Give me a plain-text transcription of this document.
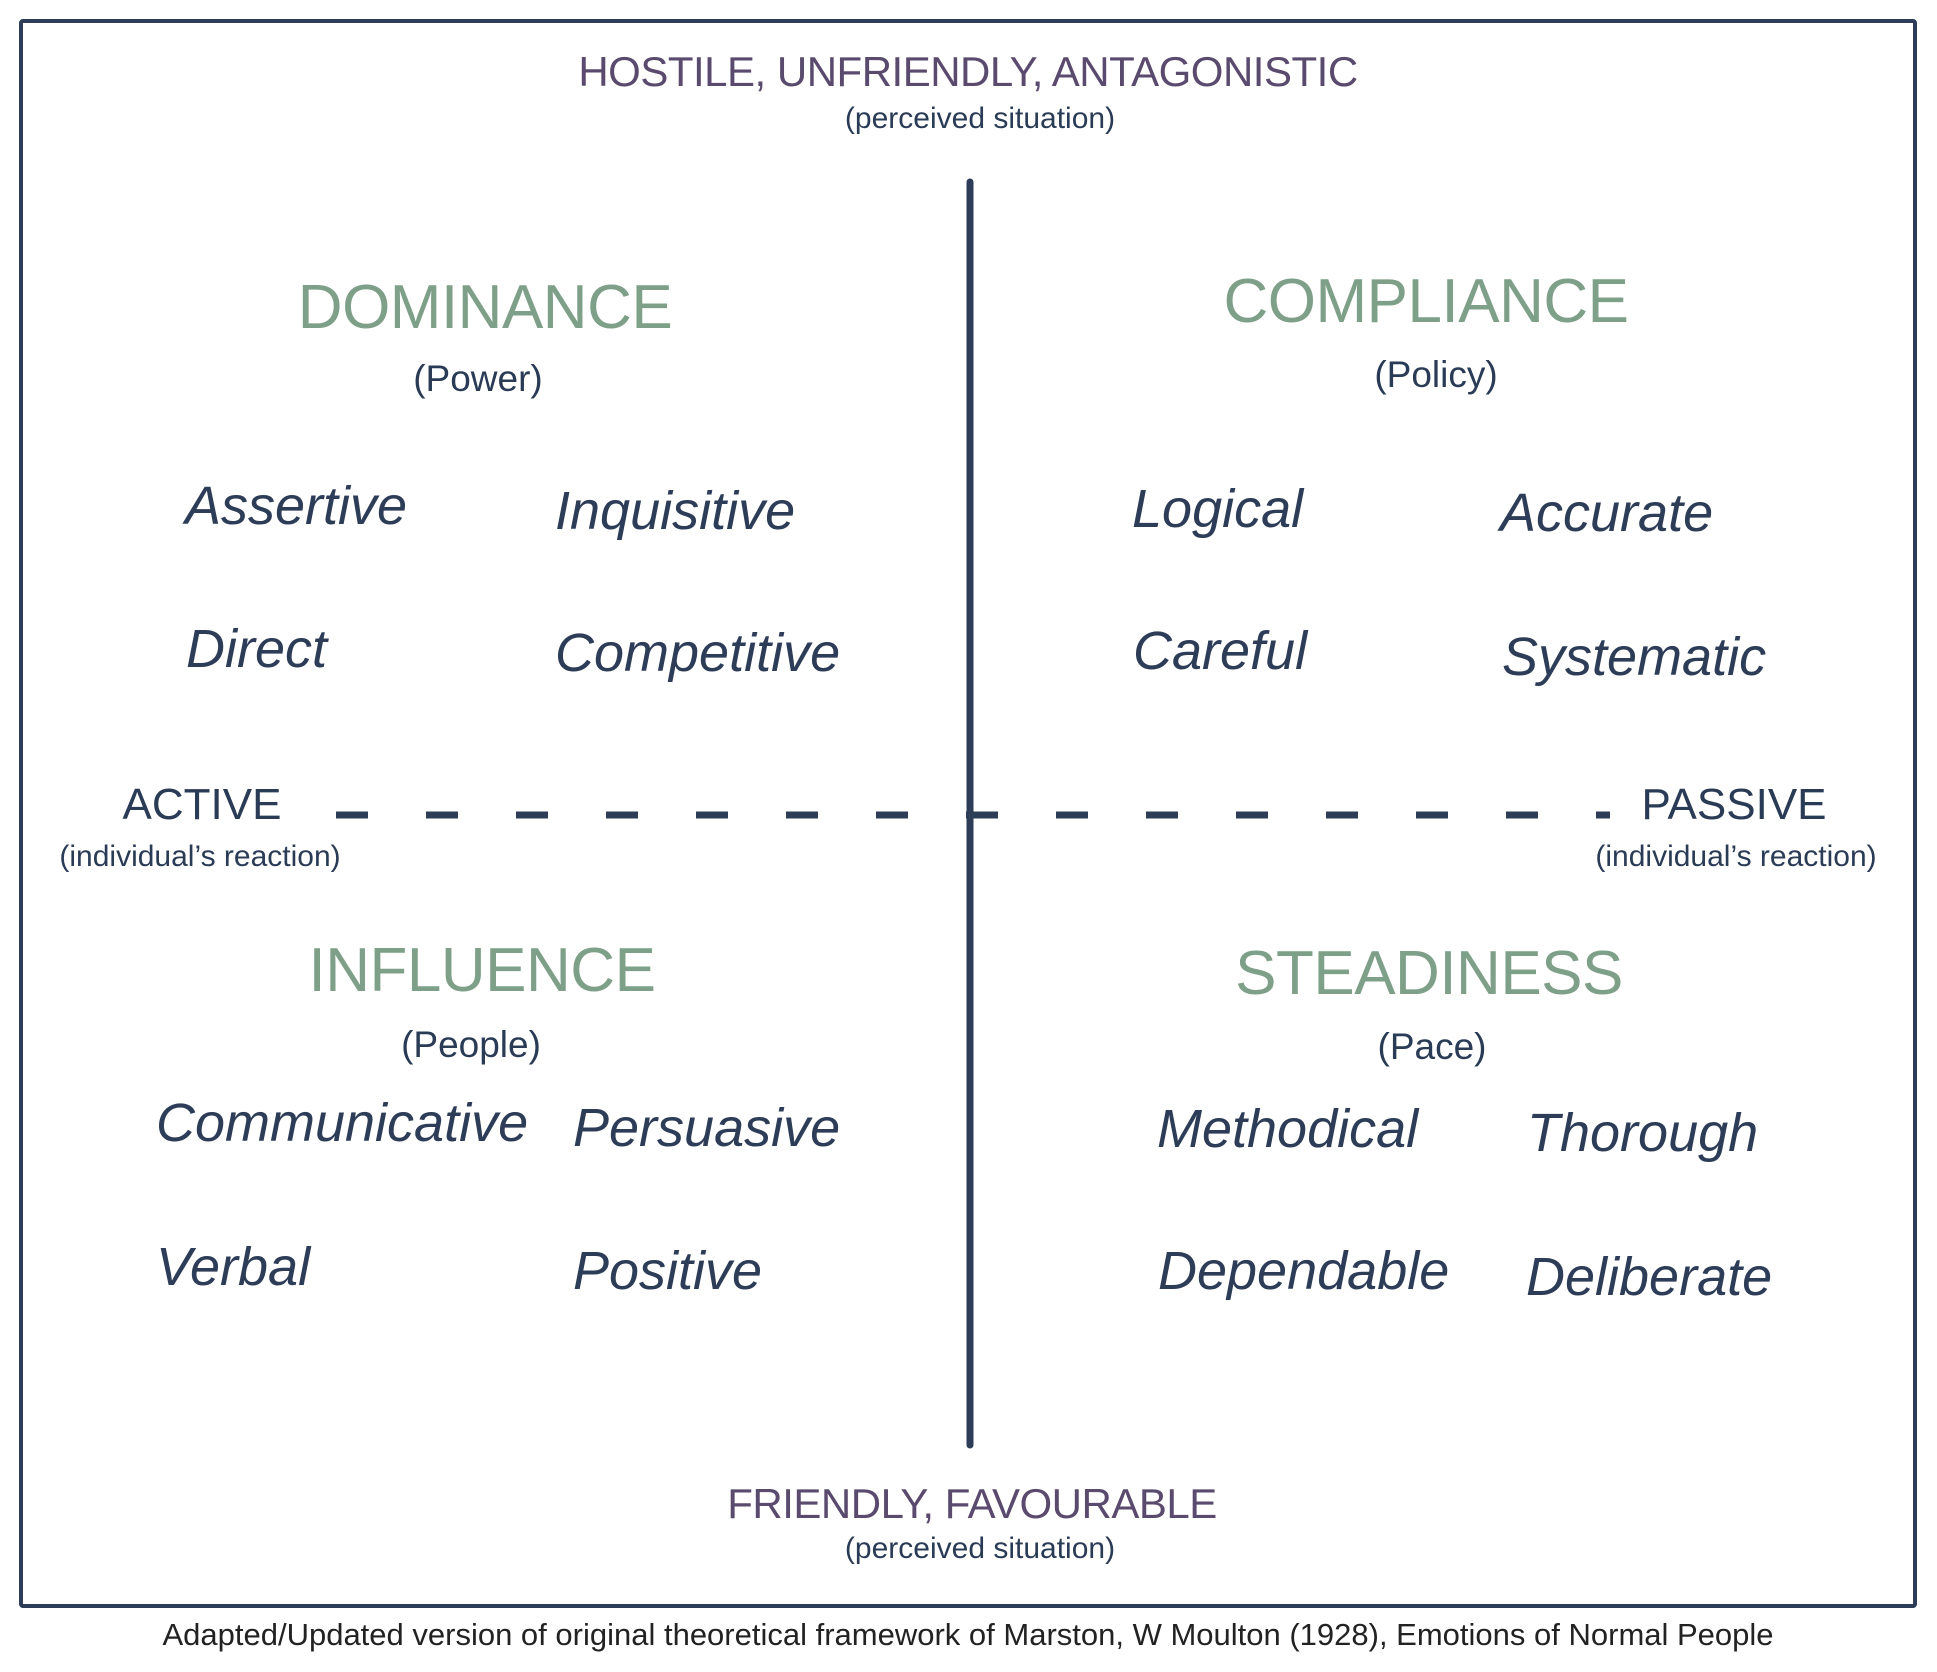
HOSTILE, UNFRIENDLY, ANTAGONISTIC
(perceived situation)
FRIENDLY, FAVOURABLE
(perceived situation)
ACTIVE
(individual’s reaction)
PASSIVE
(individual’s reaction)
DOMINANCE
(Power)
Assertive	Inquisitive
Direct	Competitive
COMPLIANCE
(Policy)
Logical	Accurate
Careful	Systematic
INFLUENCE
(People)
Communicative Persuasive
Verbal	Positive
STEADINESS
(Pace)
Methodical Thorough
Dependable Deliberate
Adapted/Updated version of original theoretical framework of Marston, W Moulton (1928), Emotions of Normal People
